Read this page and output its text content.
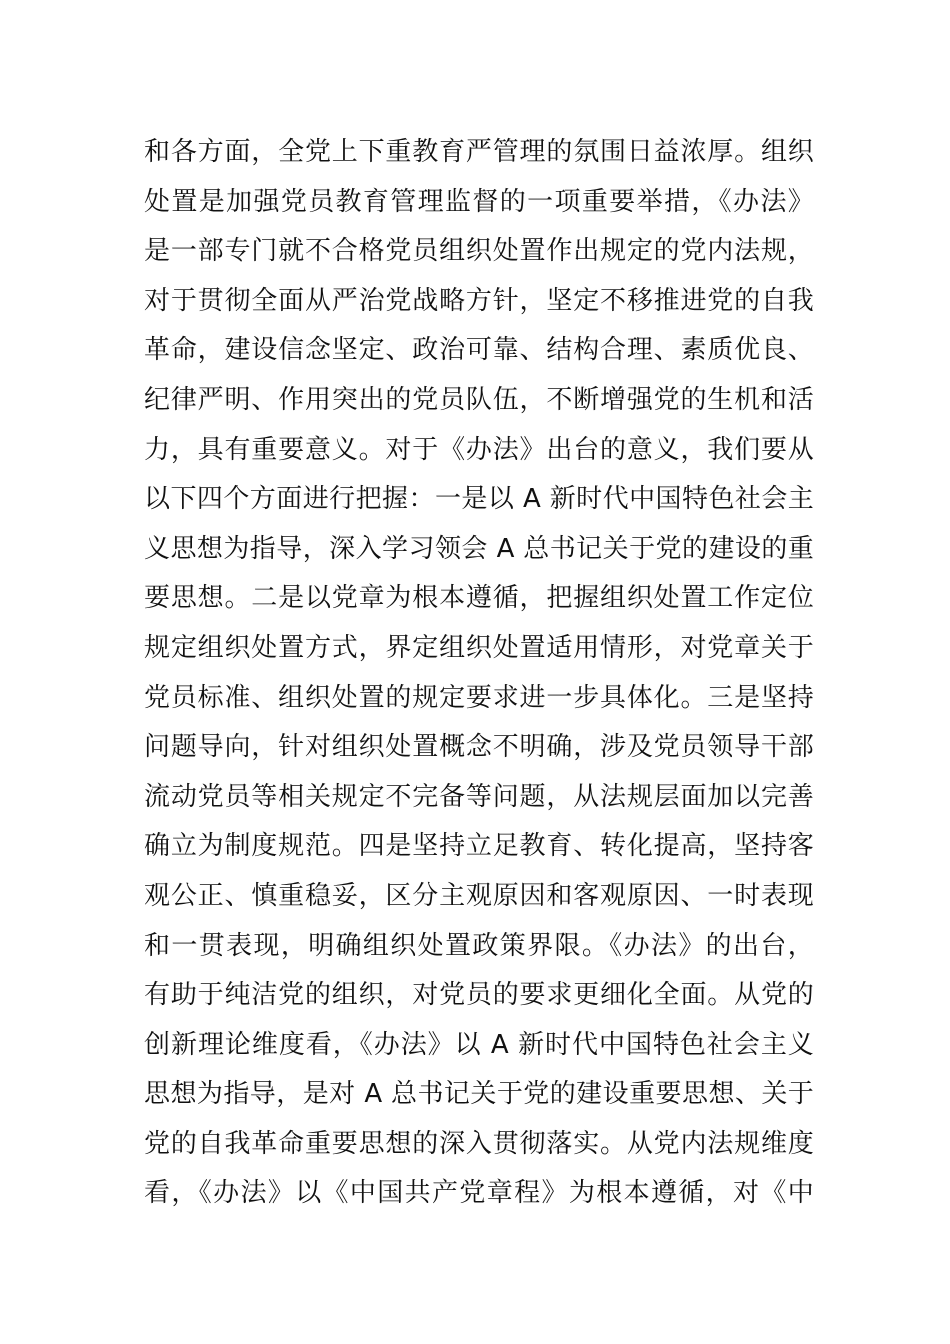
和各方面，全党上下重教育严管理的氛围日益浓厚。组织
处置是加强党员教育管理监督的一项重要举措，《办法》
是一部专门就不合格党员组织处置作出规定的党内法规，
对于贯彻全面从严治党战略方针，坚定不移推进党的自我
革命，建设信念坚定、政治可靠、结构合理、素质优良、
纪律严明、作用突出的党员队伍，不断增强党的生机和活
力，具有重要意义。对于《办法》出台的意义，我们要从
以下四个方面进行把握：一是以 A 新时代中国特色社会主
义思想为指导，深入学习领会 A 总书记关于党的建设的重
要思想。二是以党章为根本遵循，把握组织处置工作定位
规定组织处置方式，界定组织处置适用情形，对党章关于
党员标准、组织处置的规定要求进一步具体化。三是坚持
问题导向，针对组织处置概念不明确，涉及党员领导干部
流动党员等相关规定不完备等问题，从法规层面加以完善
确立为制度规范。四是坚持立足教育、转化提高，坚持客
观公正、慎重稳妥，区分主观原因和客观原因、一时表现
和一贯表现，明确组织处置政策界限。《办法》的出台，
有助于纯洁党的组织，对党员的要求更细化全面。从党的
创新理论维度看，《办法》以 A 新时代中国特色社会主义
思想为指导，是对 A 总书记关于党的建设重要思想、关于
党的自我革命重要思想的深入贯彻落实。从党内法规维度
看，《办法》以《中国共产党章程》为根本遵循，对《中
